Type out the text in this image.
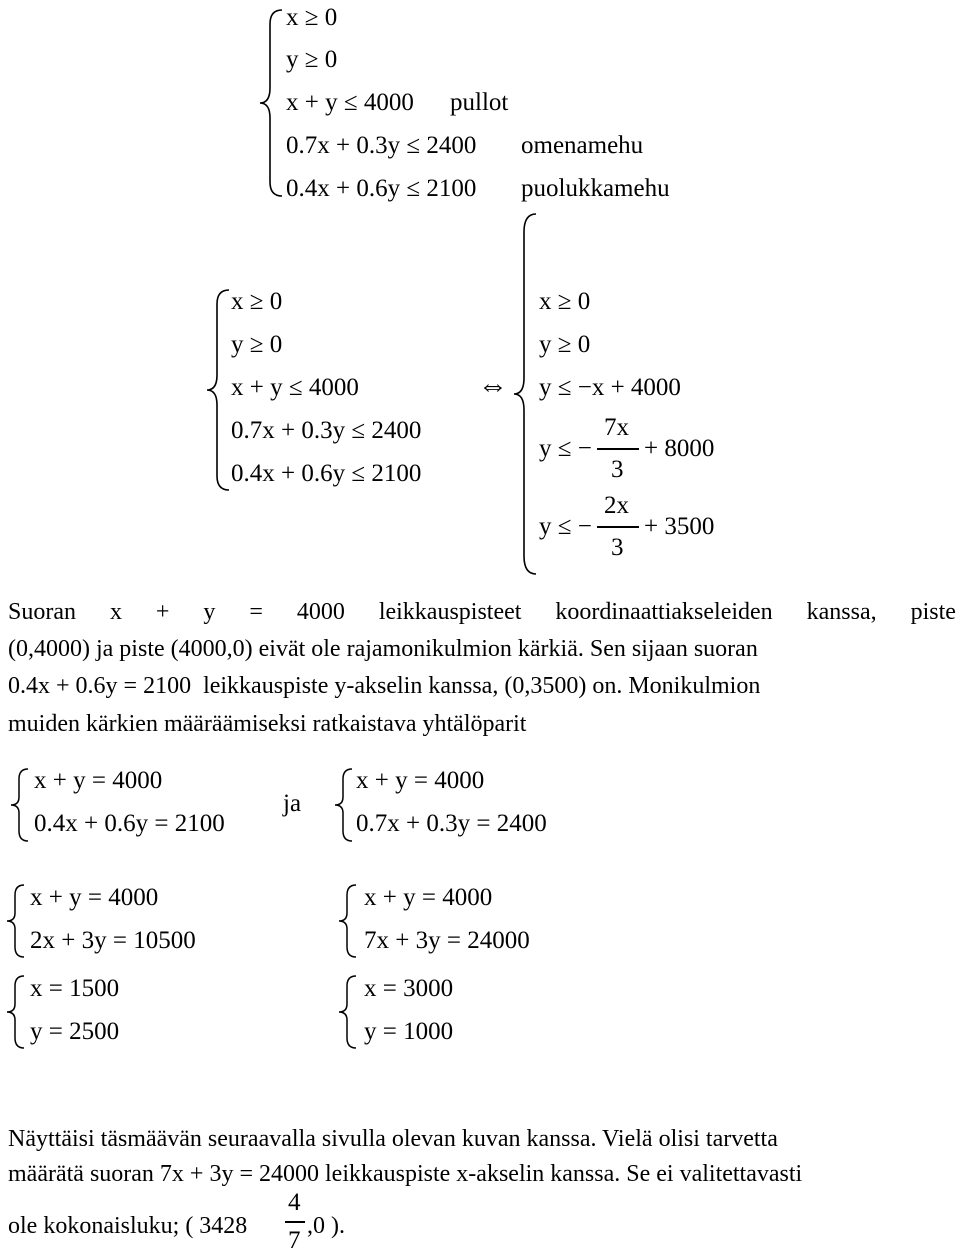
x ≥ 0
y ≥ 0
x + y ≤ 4000
0.7x + 0.3y ≤ 2400
0.4x + 0.6y ≤ 2100
pullot
omenamehu
puolukkamehu
x ≥ 0
y ≥ 0
x + y ≤ 4000
0.7x + 0.3y ≤ 2400
0.4x + 0.6y ≤ 2100
⇔
x ≥ 0
y ≥ 0
y ≤ −x + 4000
y ≤ −
7x
3
+ 8000
y ≤ −
2x
3
+ 3500
Suoran x + y = 4000 leikkauspisteet koordinaattiakseleiden kanssa, piste
(0,4000) ja piste (4000,0) eivät ole rajamonikulmion kärkiä. Sen sijaan suoran
0.4x + 0.6y = 2100  leikkauspiste y-akselin kanssa, (0,3500) on. Monikulmion
muiden kärkien määräämiseksi ratkaistava yhtälöparit
x + y = 4000
0.4x + 0.6y = 2100
ja
x + y = 4000
0.7x + 0.3y = 2400
x + y = 4000
2x + 3y = 10500
x = 1500
y = 2500
x + y = 4000
7x + 3y = 24000
x = 3000
y = 1000
Näyttäisi täsmäävän seuraavalla sivulla olevan kuvan kanssa. Vielä olisi tarvetta
määrätä suoran 7x + 3y = 24000 leikkauspiste x-akselin kanssa. Se ei valitettavasti
ole kokonaisluku; ( 3428
4
7
,0 ).
